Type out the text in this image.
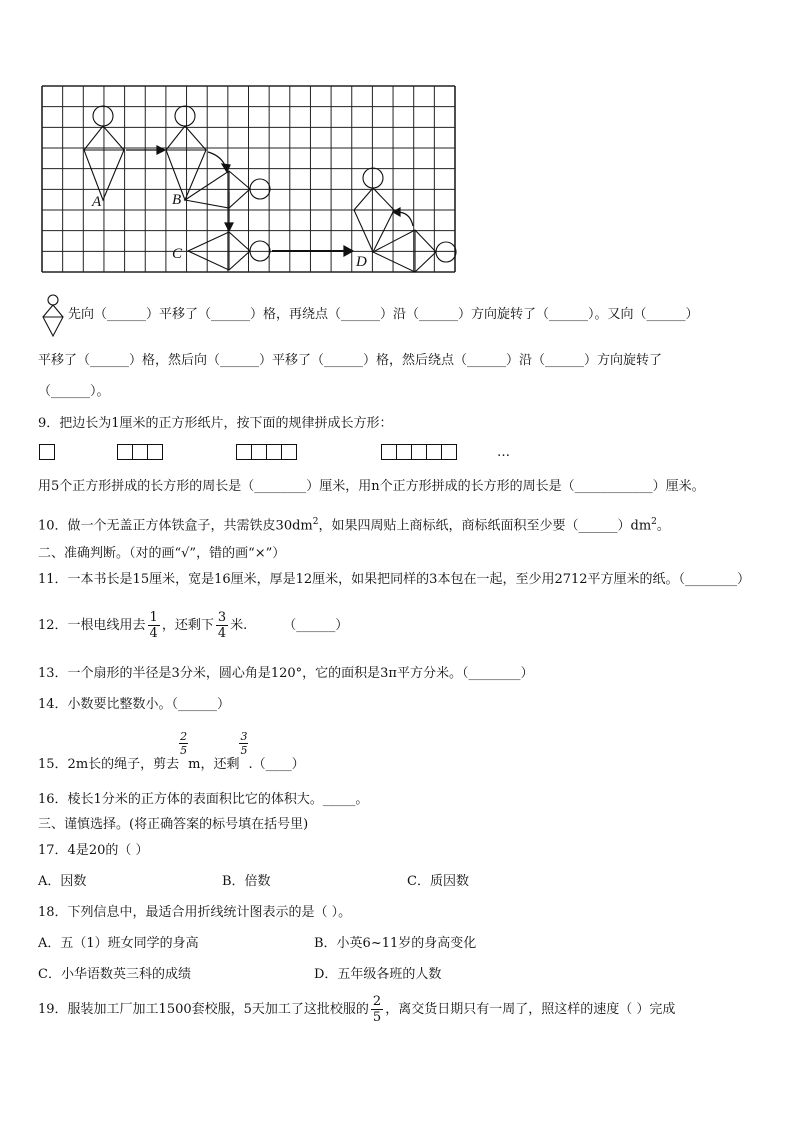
A	B
C	D
先向（______）平移了（______）格，再绕点（______）沿（______）方向旋转了（______）。又向（______）
平移了（______）格，然后向（______）平移了（______）格，然后绕点（______）沿（______）方向旋转了
（______）。
9．把边长为1厘米的正方形纸片，按下面的规律拼成长方形：
…
用5个正方形拼成的长方形的周长是（________）厘米，用n个正方形拼成的长方形的周长是（____________）厘米。
10．做一个无盖正方体铁盒子，共需铁皮$30dm^2$，如果四周贴上商标纸，商标纸面积至少要$(\_\_\_\_\_\_)dm^2$。
二、准确判断。（对的画“√”，错的画“×”）
11．一本书长是15厘米，宽是16厘米，厚是12厘米，如果把同样的3本包在一起，至少用2712平方厘米的纸。（________）
12．一根电线用去 $\frac{1}{4}$ ，还剩下 $\frac{3}{4}$ 米.	（______）
13．一个扇形的半径是3分米，圆心角是120°，它的面积是3π平方分米。（________）
14．小数要比整数小。（______）
15．2m长的绳子，剪去
$\frac{2}{5}$
m，还剩
$\frac{3}{5}$
.（____）
16．棱长1分米的正方体的表面积比它的体积大。_____。
三、谨慎选择。(将正确答案的标号填在括号里)
17．4是20的（ ）
A．因数	B．倍数	C．质因数
18．下列信息中，最适合用折线统计图表示的是（ ）。
A．五（1）班女同学的身高	B．小英6~11岁的身高变化
C．小华语数英三科的成绩	D．五年级各班的人数
19．服装加工厂加工1500套校服，5天加工了这批校服的 $\frac{2}{5}$ ，离交货日期只有一周了，照这样的速度（ ）完成
